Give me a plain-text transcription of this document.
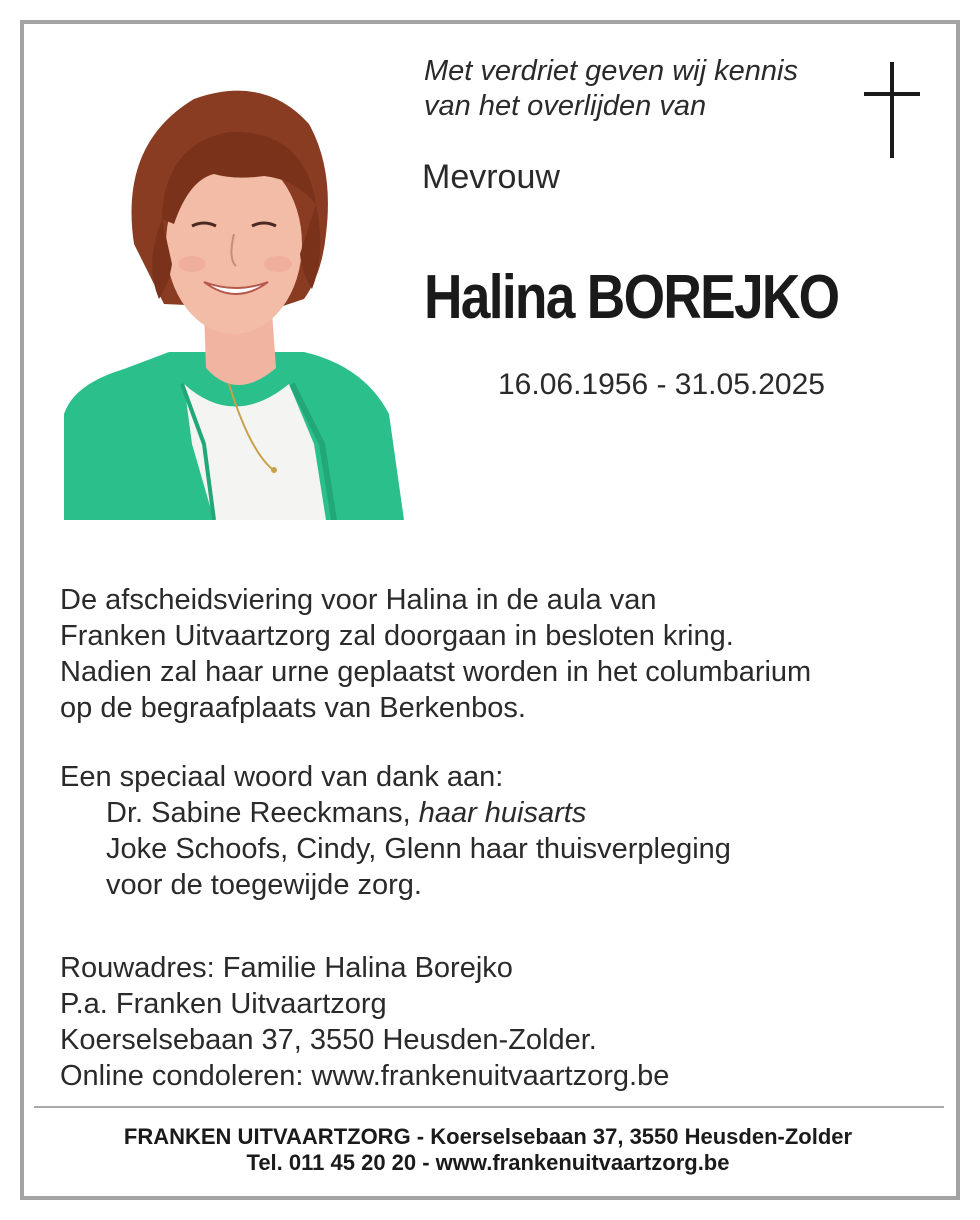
Met verdriet geven wij kennis
van het overlijden van
Mevrouw
Halina BOREJKO
16.06.1956 - 31.05.2025
De afscheidsviering voor Halina in de aula van
Franken Uitvaartzorg zal doorgaan in besloten kring.
Nadien zal haar urne geplaatst worden in het columbarium
op de begraafplaats van Berkenbos.
Een speciaal woord van dank aan:
Dr. Sabine Reeckmans, haar huisarts
Joke Schoofs, Cindy, Glenn haar thuisverpleging
voor de toegewijde zorg.
Rouwadres: Familie Halina Borejko
P.a. Franken Uitvaartzorg
Koerselsebaan 37, 3550 Heusden-Zolder.
Online condoleren: www.frankenuitvaartzorg.be
FRANKEN UITVAARTZORG - Koerselsebaan 37, 3550 Heusden-Zolder
Tel. 011 45 20 20 - www.frankenuitvaartzorg.be
